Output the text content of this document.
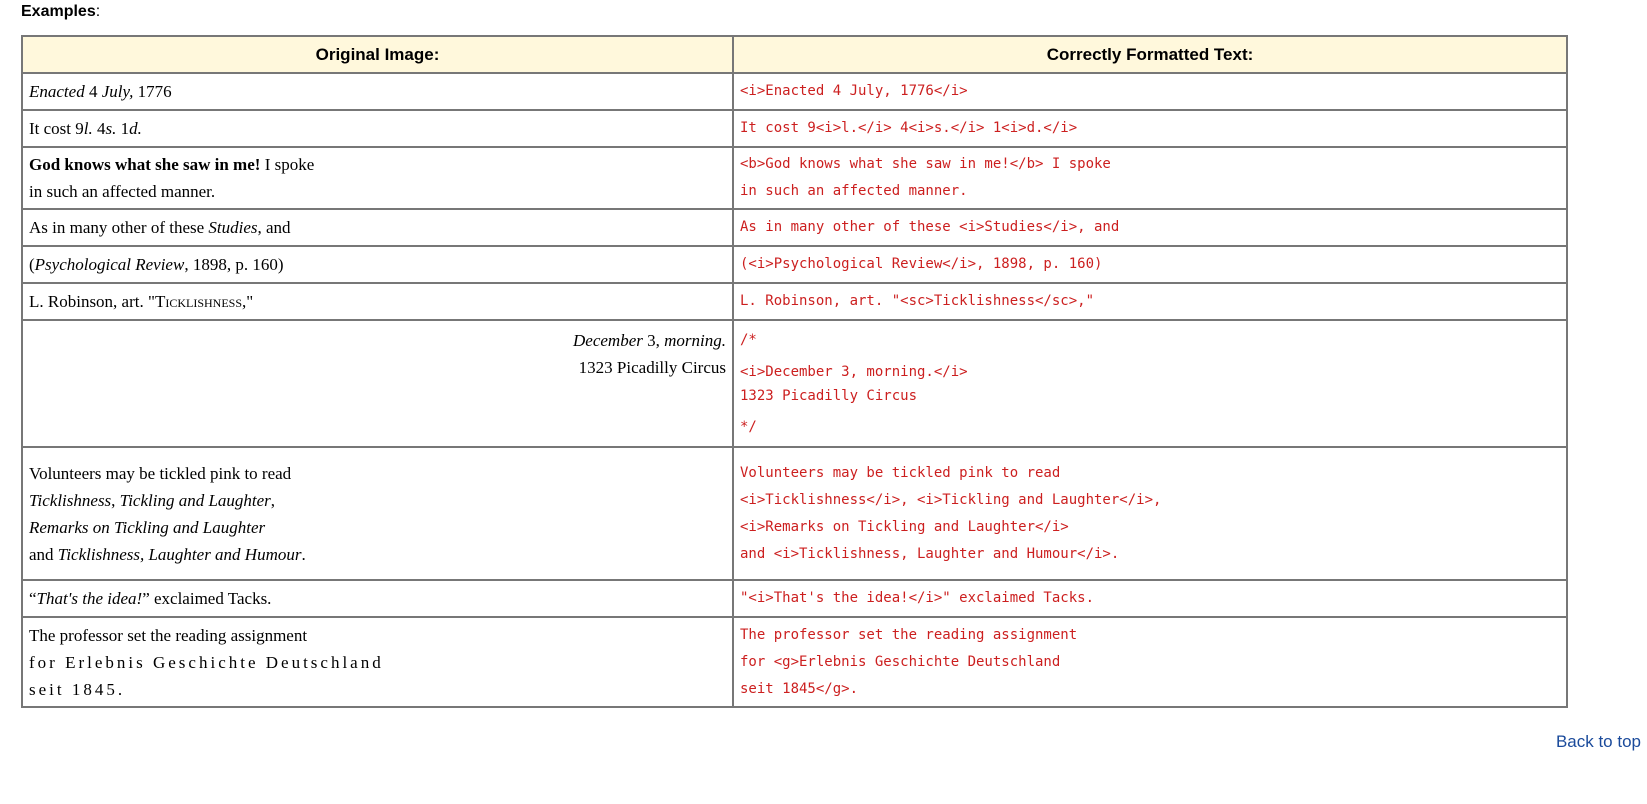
Examples:
Original Image:	Correctly Formatted Text:
Enacted 4 July, 1776	<i>Enacted 4 July, 1776</i>

It cost 9l. 4s. 1d.	It cost 9<i>l.</i> 4<i>s.</i> 1<i>d.</i>

God knows what she saw in me! I spoke
in such an affected manner.	<b>God knows what she saw in me!</b> I spoke
in such an affected manner.

As in many other of these Studies, and	As in many other of these <i>Studies</i>, and

(Psychological Review, 1898, p. 160)	(<i>Psychological Review</i>, 1898, p. 160)

L. Robinson, art. "Ticklishness,"	L. Robinson, art. "<sc>Ticklishness</sc>,"

December 3, morning.
1323 Picadilly Circus	/*
<i>December 3, morning.</i>
1323 Picadilly Circus
*/

Volunteers may be tickled pink to read
Ticklishness, Tickling and Laughter,
Remarks on Tickling and Laughter
and Ticklishness, Laughter and Humour.	Volunteers may be tickled pink to read
<i>Ticklishness</i>, <i>Tickling and Laughter</i>,
<i>Remarks on Tickling and Laughter</i>
and <i>Ticklishness, Laughter and Humour</i>.

“That's the idea!” exclaimed Tacks.	"<i>That's the idea!</i>" exclaimed Tacks.

The professor set the reading assignment
for Erlebnis Geschichte Deutschland
seit 1845.	The professor set the reading assignment
for <g>Erlebnis Geschichte Deutschland
seit 1845</g>.
Back to top
